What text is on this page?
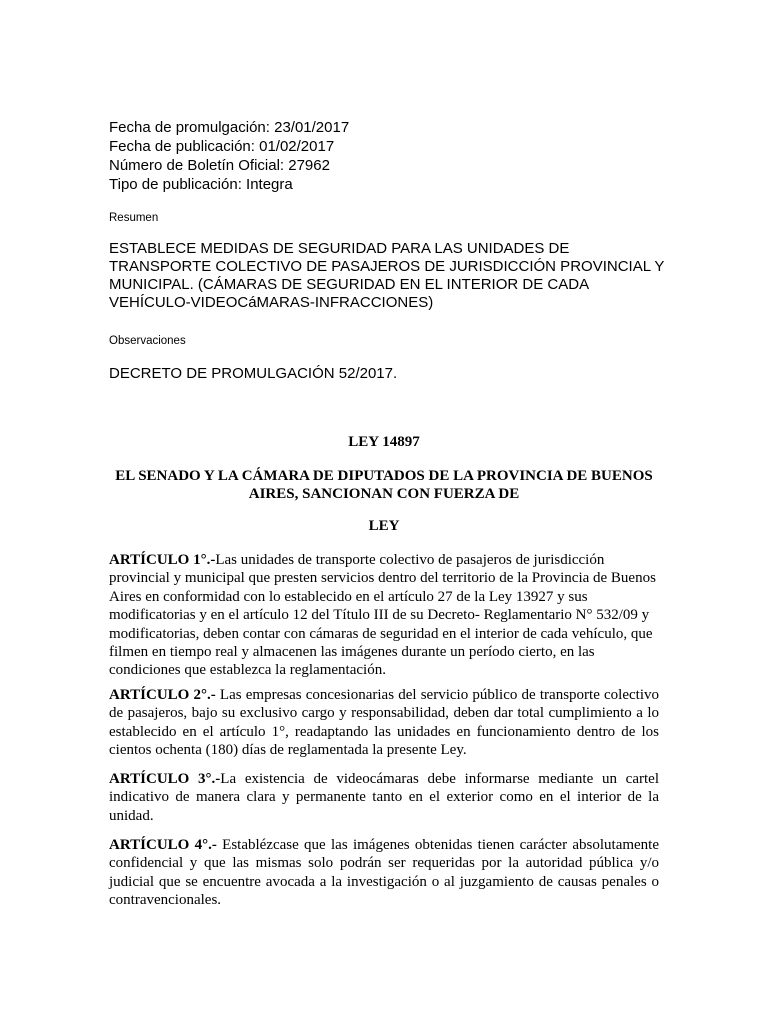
Fecha de promulgación: 23/01/2017
Fecha de publicación: 01/02/2017
Número de Boletín Oficial: 27962
Tipo de publicación: Integra
Resumen
ESTABLECE MEDIDAS DE SEGURIDAD PARA LAS UNIDADES DE TRANSPORTE COLECTIVO DE PASAJEROS DE JURISDICCIÓN PROVINCIAL Y MUNICIPAL. (CÁMARAS DE SEGURIDAD EN EL INTERIOR DE CADA VEHÍCULO-VIDEOCáMARAS-INFRACCIONES)
Observaciones
DECRETO DE PROMULGACIÓN 52/2017.
LEY 14897
EL SENADO Y LA CÁMARA DE DIPUTADOS DE LA PROVINCIA DE BUENOS AIRES, SANCIONAN CON FUERZA DE
LEY
ARTÍCULO 1°.-Las unidades de transporte colectivo de pasajeros de jurisdicción provincial y municipal que presten servicios dentro del territorio de la Provincia de Buenos Aires en conformidad con lo establecido en el artículo 27 de la Ley 13927 y sus modificatorias y en el artículo 12 del Título III de su Decreto- Reglamentario N° 532/09 y modificatorias, deben contar con cámaras de seguridad en el interior de cada vehículo, que filmen en tiempo real y almacenen las imágenes durante un período cierto, en las condiciones que establezca la reglamentación.
ARTÍCULO 2°.- Las empresas concesionarias del servicio público de transporte colectivo de pasajeros, bajo su exclusivo cargo y responsabilidad, deben dar total cumplimiento a lo establecido en el artículo 1°, readaptando las unidades en funcionamiento dentro de los cientos ochenta (180) días de reglamentada la presente Ley.
ARTÍCULO 3°.-La existencia de videocámaras debe informarse mediante un cartel indicativo de manera clara y permanente tanto en el exterior como en el interior de la unidad.
ARTÍCULO 4°.- Establézcase que las imágenes obtenidas tienen carácter absolutamente confidencial y que las mismas solo podrán ser requeridas por la autoridad pública y/o judicial que se encuentre avocada a la investigación o al juzgamiento de causas penales o contravencionales.
